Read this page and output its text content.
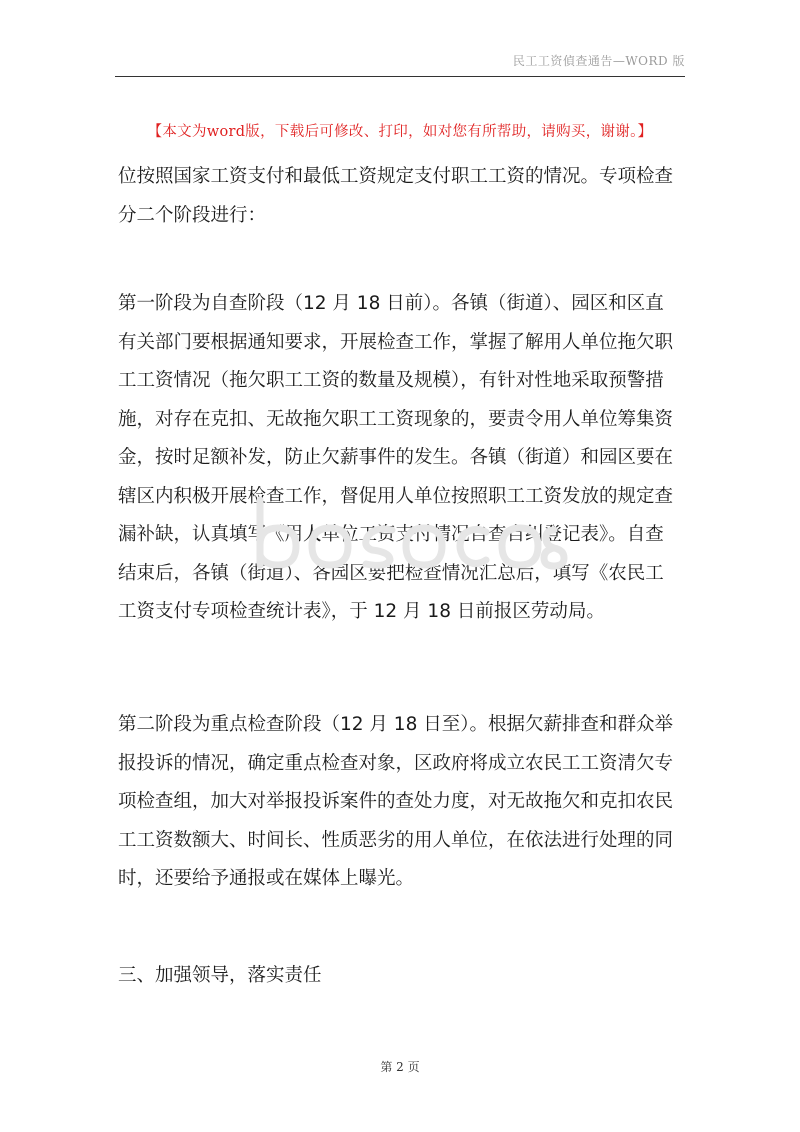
民工工资偵查通告—WORD 版
【本文为word版，下载后可修改、打印，如对您有所帮助，请购买，谢谢。】
位按照国家工资支付和最低工资规定支付职工工资的情况。专项检查
分二个阶段进行：
第一阶段为自查阶段（12 月 18 日前）。各镇（街道）、园区和区直
有关部门要根据通知要求，开展检查工作，掌握了解用人单位拖欠职
工工资情况（拖欠职工工资的数量及规模），有针对性地采取预警措
施，对存在克扣、无故拖欠职工工资现象的，要责令用人单位筹集资
金，按时足额补发，防止欠薪事件的发生。各镇（街道）和园区要在
辖区内积极开展检查工作，督促用人单位按照职工工资发放的规定查
漏补缺，认真填写《用人单位工资支付情况自查自纠登记表》。自查
结束后，各镇（街道）、各园区要把检查情况汇总后，填写《农民工
工资支付专项检查统计表》，于 12 月 18 日前报区劳动局。
第二阶段为重点检查阶段（12 月 18 日至）。根据欠薪排查和群众举
报投诉的情况，确定重点检查对象，区政府将成立农民工工资清欠专
项检查组，加大对举报投诉案件的查处力度，对无故拖欠和克扣农民
工工资数额大、时间长、性质恶劣的用人单位，在依法进行处理的同
时，还要给予通报或在媒体上曝光。
三、加强领导，落实责任
第 2 页
